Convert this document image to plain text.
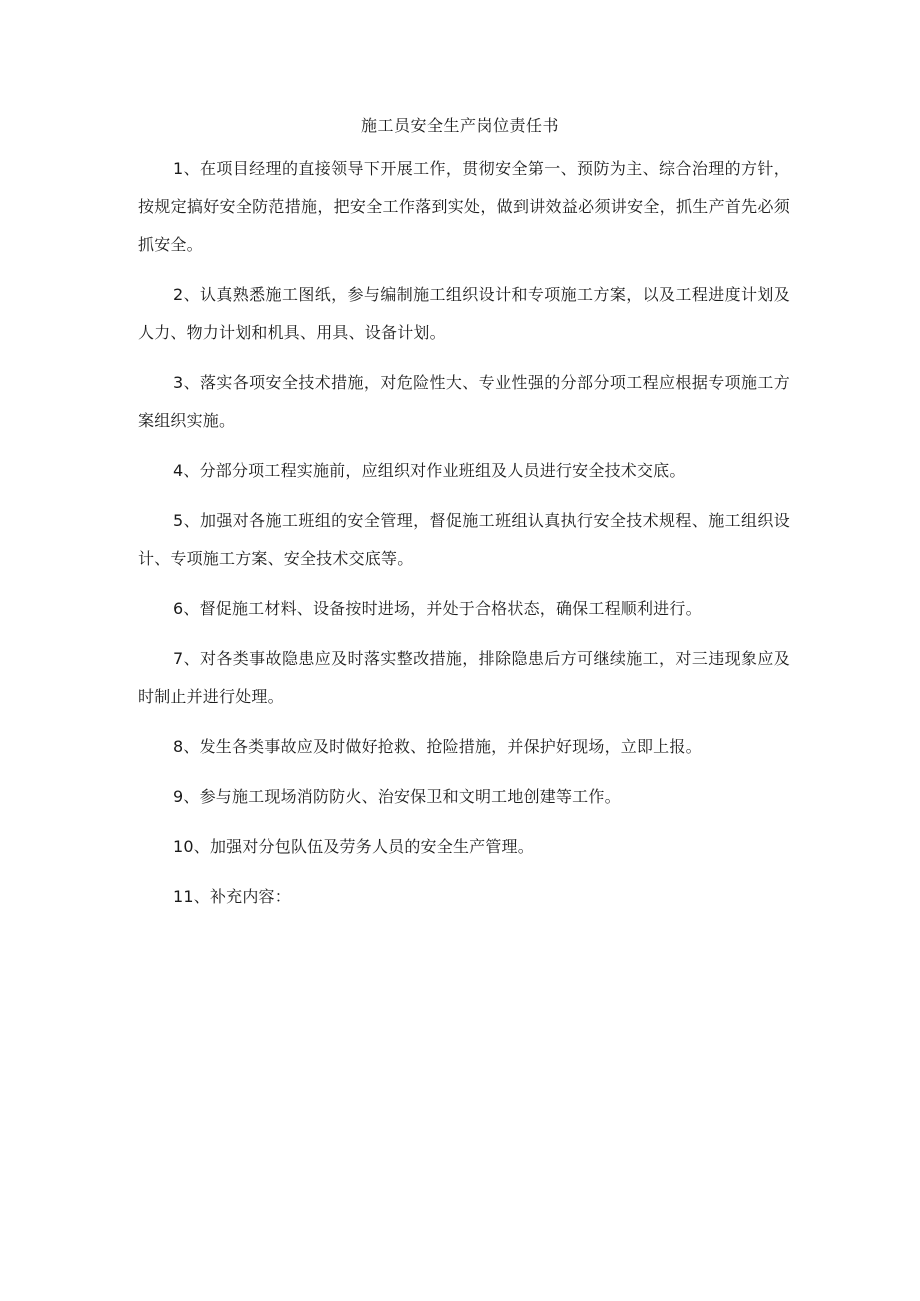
施工员安全生产岗位责任书

1、在项目经理的直接领导下开展工作，贯彻安全第一、预防为主、综合治理的方针，按规定搞好安全防范措施，把安全工作落到实处，做到讲效益必须讲安全，抓生产首先必须抓安全。

2、认真熟悉施工图纸，参与编制施工组织设计和专项施工方案，以及工程进度计划及人力、物力计划和机具、用具、设备计划。

3、落实各项安全技术措施，对危险性大、专业性强的分部分项工程应根据专项施工方案组织实施。

4、分部分项工程实施前，应组织对作业班组及人员进行安全技术交底。

5、加强对各施工班组的安全管理，督促施工班组认真执行安全技术规程、施工组织设计、专项施工方案、安全技术交底等。

6、督促施工材料、设备按时进场，并处于合格状态，确保工程顺利进行。

7、对各类事故隐患应及时落实整改措施，排除隐患后方可继续施工，对三违现象应及时制止并进行处理。

8、发生各类事故应及时做好抢救、抢险措施，并保护好现场，立即上报。

9、参与施工现场消防防火、治安保卫和文明工地创建等工作。

10、加强对分包队伍及劳务人员的安全生产管理。

11、补充内容：
